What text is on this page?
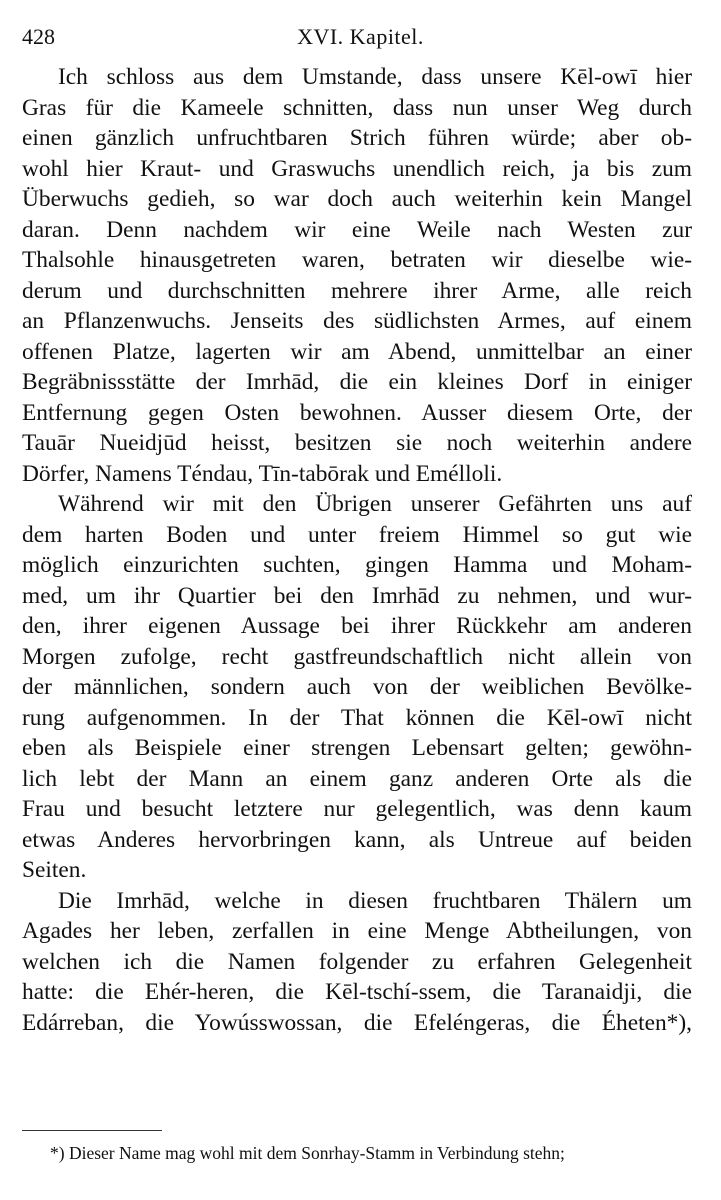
428	XVI. Kapitel.
Ich schloss aus dem Umstande, dass unsere Kēl-owī hier
Gras für die Kameele schnitten, dass nun unser Weg durch
einen gänzlich unfruchtbaren Strich führen würde; aber ob-
wohl hier Kraut- und Graswuchs unendlich reich, ja bis zum
Überwuchs gedieh, so war doch auch weiterhin kein Mangel
daran. Denn nachdem wir eine Weile nach Westen zur
Thalsohle hinausgetreten waren, betraten wir dieselbe wie-
derum und durchschnitten mehrere ihrer Arme, alle reich
an Pflanzenwuchs. Jenseits des südlichsten Armes, auf einem
offenen Platze, lagerten wir am Abend, unmittelbar an einer
Begräbnissstätte der Imrhād, die ein kleines Dorf in einiger
Entfernung gegen Osten bewohnen. Ausser diesem Orte, der
Tauār Nueidjūd heisst, besitzen sie noch weiterhin andere
Dörfer, Namens Téndau, Tīn-tabōrak und Emélloli.
Während wir mit den Übrigen unserer Gefährten uns auf
dem harten Boden und unter freiem Himmel so gut wie
möglich einzurichten suchten, gingen Hamma und Moham-
med, um ihr Quartier bei den Imrhād zu nehmen, und wur-
den, ihrer eigenen Aussage bei ihrer Rückkehr am anderen
Morgen zufolge, recht gastfreundschaftlich nicht allein von
der männlichen, sondern auch von der weiblichen Bevölke-
rung aufgenommen. In der That können die Kēl-owī nicht
eben als Beispiele einer strengen Lebensart gelten; gewöhn-
lich lebt der Mann an einem ganz anderen Orte als die
Frau und besucht letztere nur gelegentlich, was denn kaum
etwas Anderes hervorbringen kann, als Untreue auf beiden
Seiten.
Die Imrhād, welche in diesen fruchtbaren Thälern um
Agades her leben, zerfallen in eine Menge Abtheilungen, von
welchen ich die Namen folgender zu erfahren Gelegenheit
hatte: die Ehér-heren, die Kēl-tschí-ssem, die Taranaidji, die
Edárreban, die Yowússwossan, die Efeléngeras, die Éheten*),
*) Dieser Name mag wohl mit dem Sonrhay-Stamm in Verbindung stehn;
